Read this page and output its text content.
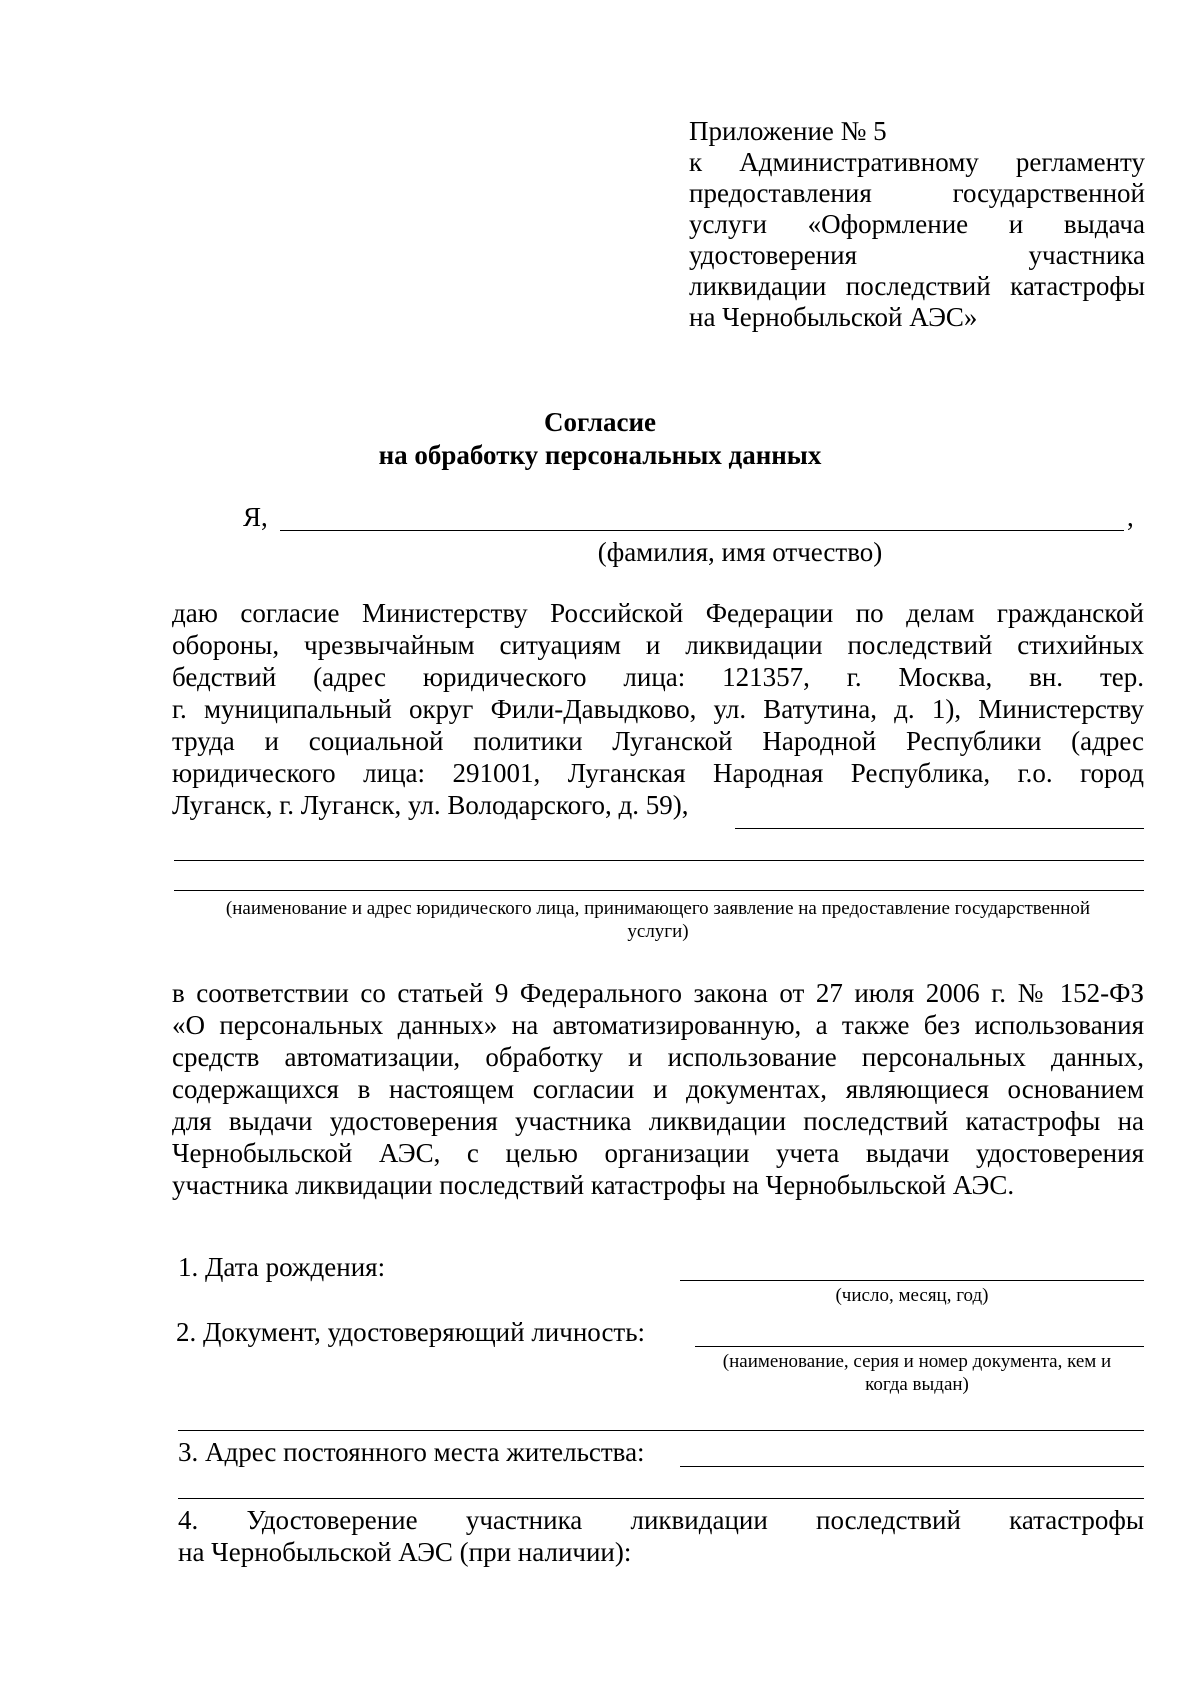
Приложение № 5
к Административному регламенту
предоставления государственной
услуги «Оформление и выдача
удостоверения участника
ликвидации последствий катастрофы
на Чернобыльской АЭС»
Согласие
на обработку персональных данных
Я,	,
(фамилия, имя отчество)
даю согласие Министерству Российской Федерации по делам гражданской
обороны, чрезвычайным ситуациям и ликвидации последствий стихийных
бедствий (адрес юридического лица: 121357, г. Москва, вн. тер.
г. муниципальный округ Фили-Давыдково, ул. Ватутина, д. 1), Министерству
труда и социальной политики Луганской Народной Республики (адрес
юридического лица: 291001, Луганская Народная Республика, г.о. город
Луганск, г. Луганск, ул. Володарского, д. 59),
(наименование и адрес юридического лица, принимающего заявление на предоставление государственной
услуги)
в соответствии со статьей 9 Федерального закона от 27 июля 2006 г. № 152-ФЗ
«О персональных данных» на автоматизированную, а также без использования
средств автоматизации, обработку и использование персональных данных,
содержащихся в настоящем согласии и документах, являющиеся основанием
для выдачи удостоверения участника ликвидации последствий катастрофы на
Чернобыльской АЭС, с целью организации учета выдачи удостоверения
участника ликвидации последствий катастрофы на Чернобыльской АЭС.
1. Дата рождения:
(число, месяц, год)
2. Документ, удостоверяющий личность:
(наименование, серия и номер документа, кем и
когда выдан)
3. Адрес постоянного места жительства:
4. Удостоверение участника ликвидации последствий катастрофы
на Чернобыльской АЭС (при наличии):
